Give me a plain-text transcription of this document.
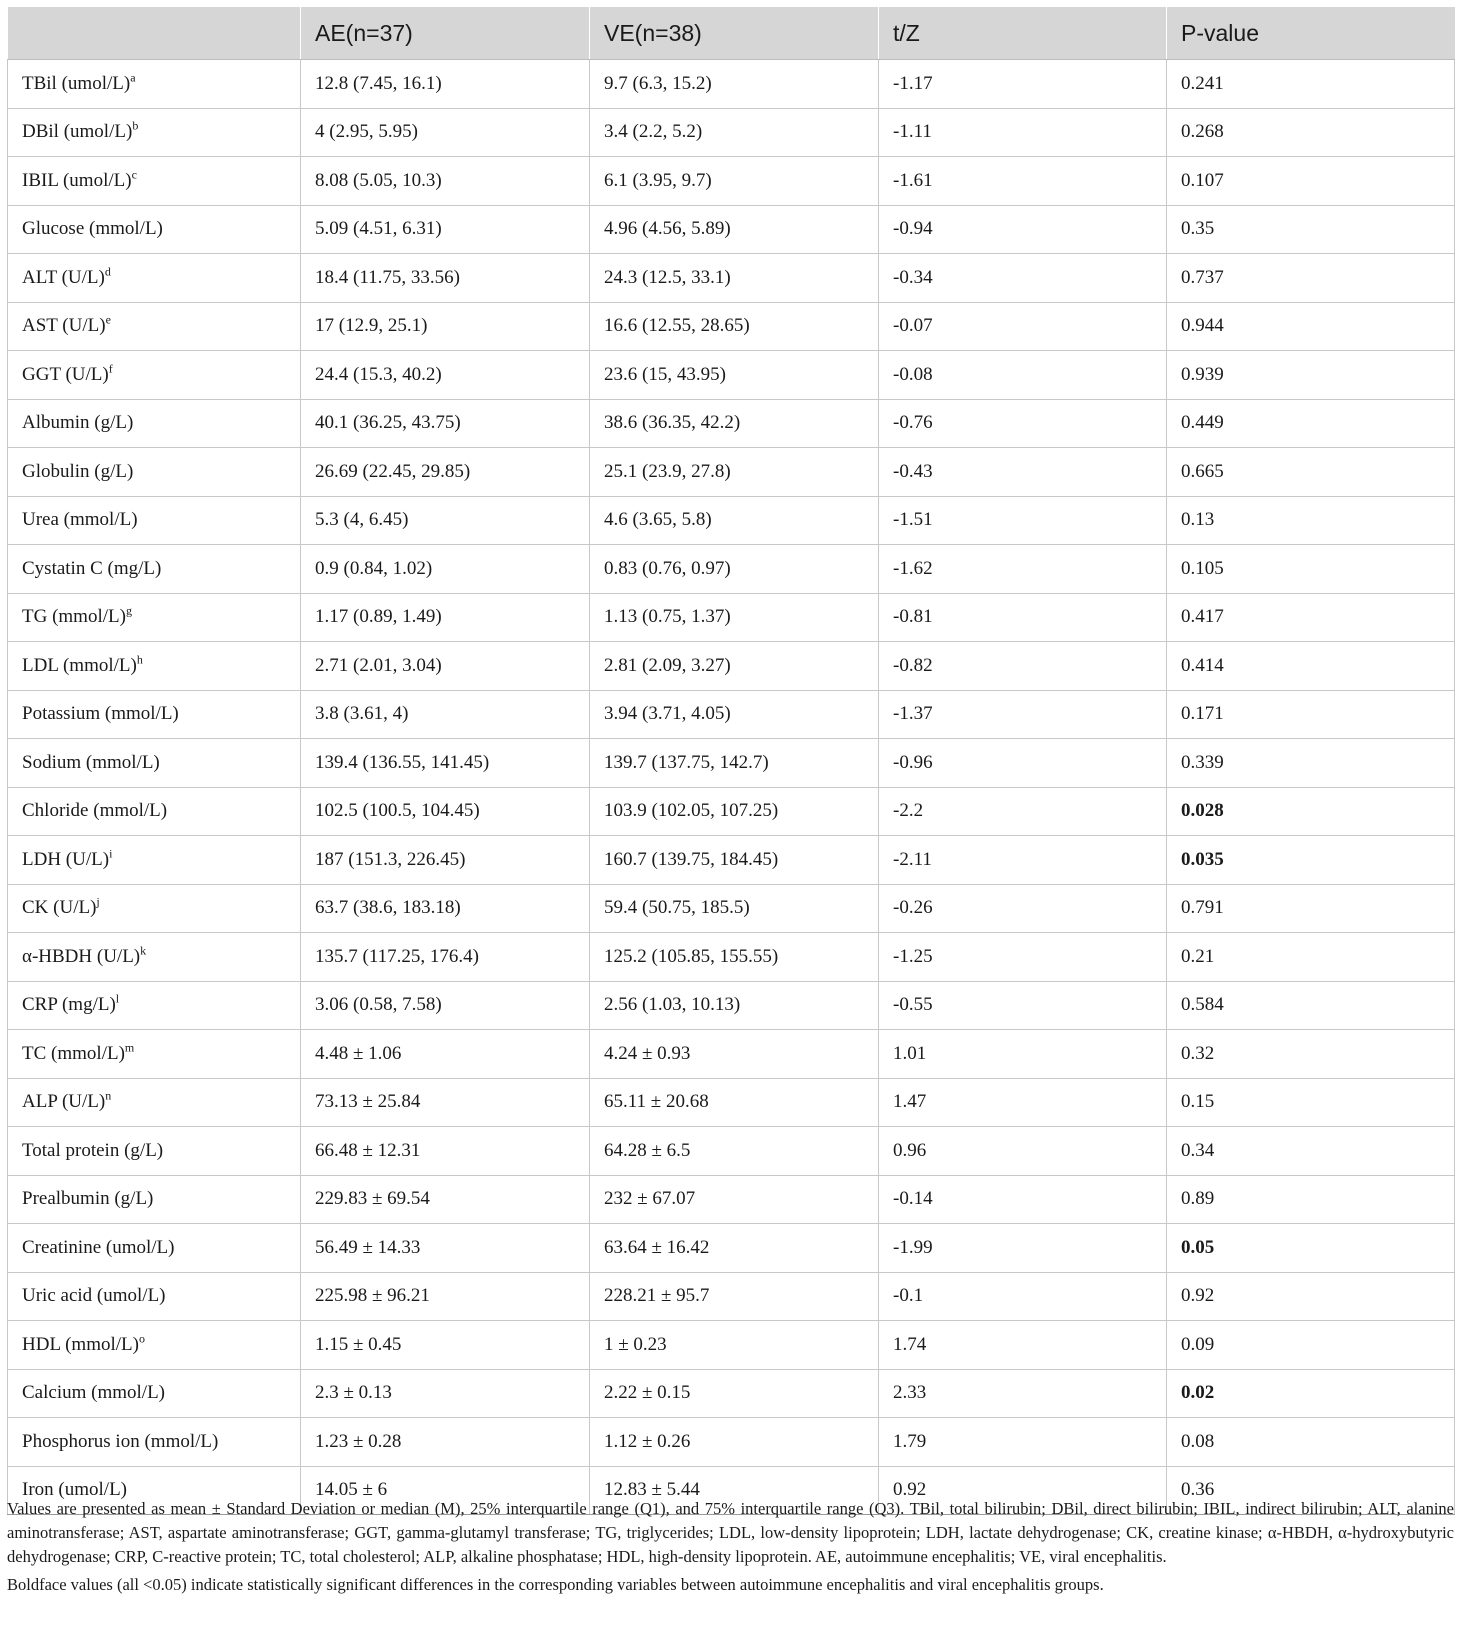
	AE(n=37)	VE(n=38)	t/Z	P-value
TBil (umol/L)$^a$	12.8 (7.45, 16.1)	9.7 (6.3, 15.2)	-1.17	0.241
DBil (umol/L)$^b$	4 (2.95, 5.95)	3.4 (2.2, 5.2)	-1.11	0.268
IBIL (umol/L)$^c$	8.08 (5.05, 10.3)	6.1 (3.95, 9.7)	-1.61	0.107
Glucose (mmol/L)	5.09 (4.51, 6.31)	4.96 (4.56, 5.89)	-0.94	0.35
ALT $(U/L)^d$	18.4 (11.75, 33.56)	24.3 (12.5, 33.1)	-0.34	0.737
AST $(U/L)^e$	17 (12.9, 25.1)	16.6 (12.55, 28.65)	-0.07	0.944
GGT $(U/L)^f$	24.4 (15.3, 40.2)	23.6 (15, 43.95)	-0.08	0.939
Albumin (g/L)	40.1 (36.25, 43.75)	38.6 (36.35, 42.2)	-0.76	0.449
Globulin (g/L)	26.69 (22.45, 29.85)	25.1 (23.9, 27.8)	-0.43	0.665
Urea (mmol/L)	5.3 (4, 6.45)	4.6 (3.65, 5.8)	-1.51	0.13
Cystatin C (mg/L)	0.9 (0.84, 1.02)	0.83 (0.76, 0.97)	-1.62	0.105
TG (mmol/L)$^g$	1.17 (0.89, 1.49)	1.13 (0.75, 1.37)	-0.81	0.417
LDL (mmol/L)$^h$	2.71 (2.01, 3.04)	2.81 (2.09, 3.27)	-0.82	0.414
Potassium (mmol/L)	3.8 (3.61, 4)	3.94 (3.71, 4.05)	-1.37	0.171
Sodium (mmol/L)	139.4 (136.55, 141.45)	139.7 (137.75, 142.7)	-0.96	0.339
Chloride (mmol/L)	102.5 (100.5, 104.45)	103.9 (102.05, 107.25)	-2.2	0.028
LDH $(U/L)^i$	187 (151.3, 226.45)	160.7 (139.75, 184.45)	-2.11	0.035
CK $(U/L)^j$	63.7 (38.6, 183.18)	59.4 (50.75, 185.5)	-0.26	0.791
α-HBDH $(U/L)^k$	135.7 (117.25, 176.4)	125.2 (105.85, 155.55)	-1.25	0.21
CRP $(mg/L)^l$	3.06 (0.58, 7.58)	2.56 (1.03, 10.13)	-0.55	0.584
TC (mmol/L)$^m$	4.48 ± 1.06	4.24 ± 0.93	1.01	0.32
ALP $(U/L)^n$	73.13 ± 25.84	65.11 ± 20.68	1.47	0.15
Total protein (g/L)	66.48 ± 12.31	64.28 ± 6.5	0.96	0.34
Prealbumin (g/L)	229.83 ± 69.54	232 ± 67.07	-0.14	0.89
Creatinine (umol/L)	56.49 ± 14.33	63.64 ± 16.42	-1.99	0.05
Uric acid (umol/L)	225.98 ± 96.21	228.21 ± 95.7	-0.1	0.92
HDL (mmol/L)$^o$	1.15 ± 0.45	1 ± 0.23	1.74	0.09
Calcium (mmol/L)	2.3 ± 0.13	2.22 ± 0.15	2.33	0.02
Phosphorus ion (mmol/L)	1.23 ± 0.28	1.12 ± 0.26	1.79	0.08
Iron (umol/L)	14.05 ± 6	12.83 ± 5.44	0.92	0.36

Values are presented as mean ± Standard Deviation or median (M), 25% interquartile range (Q1), and 75% interquartile range (Q3). TBil, total bilirubin; DBil, direct bilirubin; IBIL, indirect bilirubin; ALT, alanine aminotransferase; AST, aspartate aminotransferase; GGT, gamma-glutamyl transferase; TG, triglycerides; LDL, low-density lipoprotein; LDH, lactate dehydrogenase; CK, creatine kinase; α-HBDH, α-hydroxybutyric dehydrogenase; CRP, C-reactive protein; TC, total cholesterol; ALP, alkaline phosphatase; HDL, high-density lipoprotein. AE, autoimmune encephalitis; VE, viral encephalitis.

Boldface values (all <0.05) indicate statistically significant differences in the corresponding variables between autoimmune encephalitis and viral encephalitis groups.
